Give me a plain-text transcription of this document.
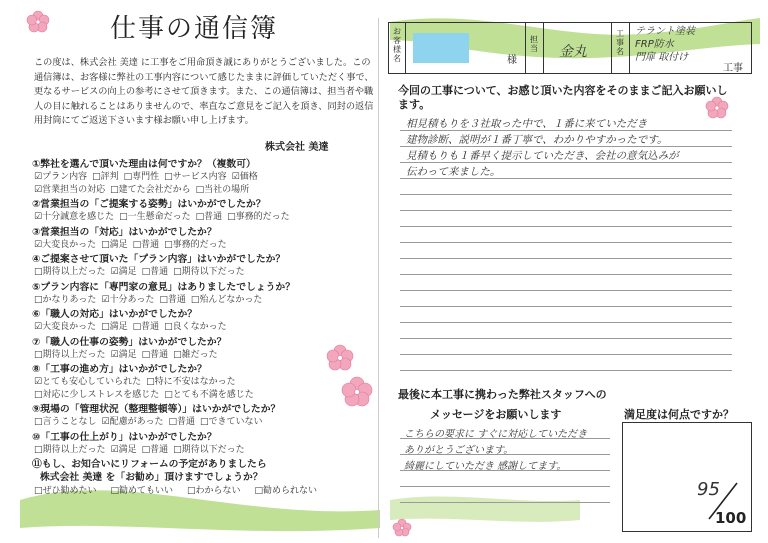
仕事の通信簿
この度は、株式会社 美達 に工事をご用命頂き誠にありがとうございました。この通信簿は、お客様に弊社の工事内容について感じたままに評価していただく事で、更なるサービスの向上の参考にさせて頂きます。また、この通信簿は、担当者や職人の目に触れることはありませんので、率直なご意見をご記入を頂き、同封の返信用封筒にてご返送下さいます様お願い申し上げます。
株式会社 美達
①弊社を選んで頂いた理由は何ですか？（複数可）
☑プラン内容 □評判 □専門性 □サービス内容 ☑価格
☑営業担当の対応 □建てた会社だから □当社の場所
②営業担当の「ご提案する姿勢」はいかがでしたか？
☑十分誠意を感じた □一生懸命だった □普通 □事務的だった
③営業担当の「対応」はいかがでしたか？
☑大変良かった □満足 □普通 □事務的だった
④ご提案させて頂いた「プラン内容」はいかがでしたか？
□期待以上だった ☑満足 □普通 □期待以下だった
⑤プラン内容に「専門家の意見」はありましたでしょうか？
□かなりあった ☑十分あった □普通 □殆んどなかった
⑥「職人の対応」はいかがでしたか？
☑大変良かった □満足 □普通 □良くなかった
⑦「職人の仕事の姿勢」はいかがでしたか？
□期待以上だった ☑満足 □普通 □雑だった
⑧「工事の進め方」はいかがでしたか？
☑とても安心していられた □特に不安はなかった
□対応に少しストレスを感じた □とても不満を感じた
⑨現場の「管理状況（整理整頓等）」はいかがでしたか？
□言うことなし ☑配慮があった □普通 □できていない
⑩「工事の仕上がり」はいかがでしたか？
□期待以上だった ☑満足 □普通 □期待以下だった
⑪もし、お知合いにリフォームの予定がありましたら
株式会社 美達 を「お勧め」頂けますでしょうか？
□ぜひ勧めたい □勧めてもいい □わからない □勧められない
お客様名	様
担当 金丸
工事名
テラント塗装
FRP防水
門扉 取付け
工事
今回の工事について、お感じ頂いた内容をそのままご記入お願いします。
相見積もりを３社取った中で、１番に来ていただき
建物診断、説明が１番丁寧で、わかりやすかったです。
見積もりも１番早く提示していただき、会社の意気込みが
伝わって来ました。
最後に本工事に携わった弊社スタッフへの
メッセージをお願いします
こちらの要求に すぐに対応していただき
ありがとうございます。
綺麗にしていただき 感謝してます。
満足度は何点ですか？
95
100
